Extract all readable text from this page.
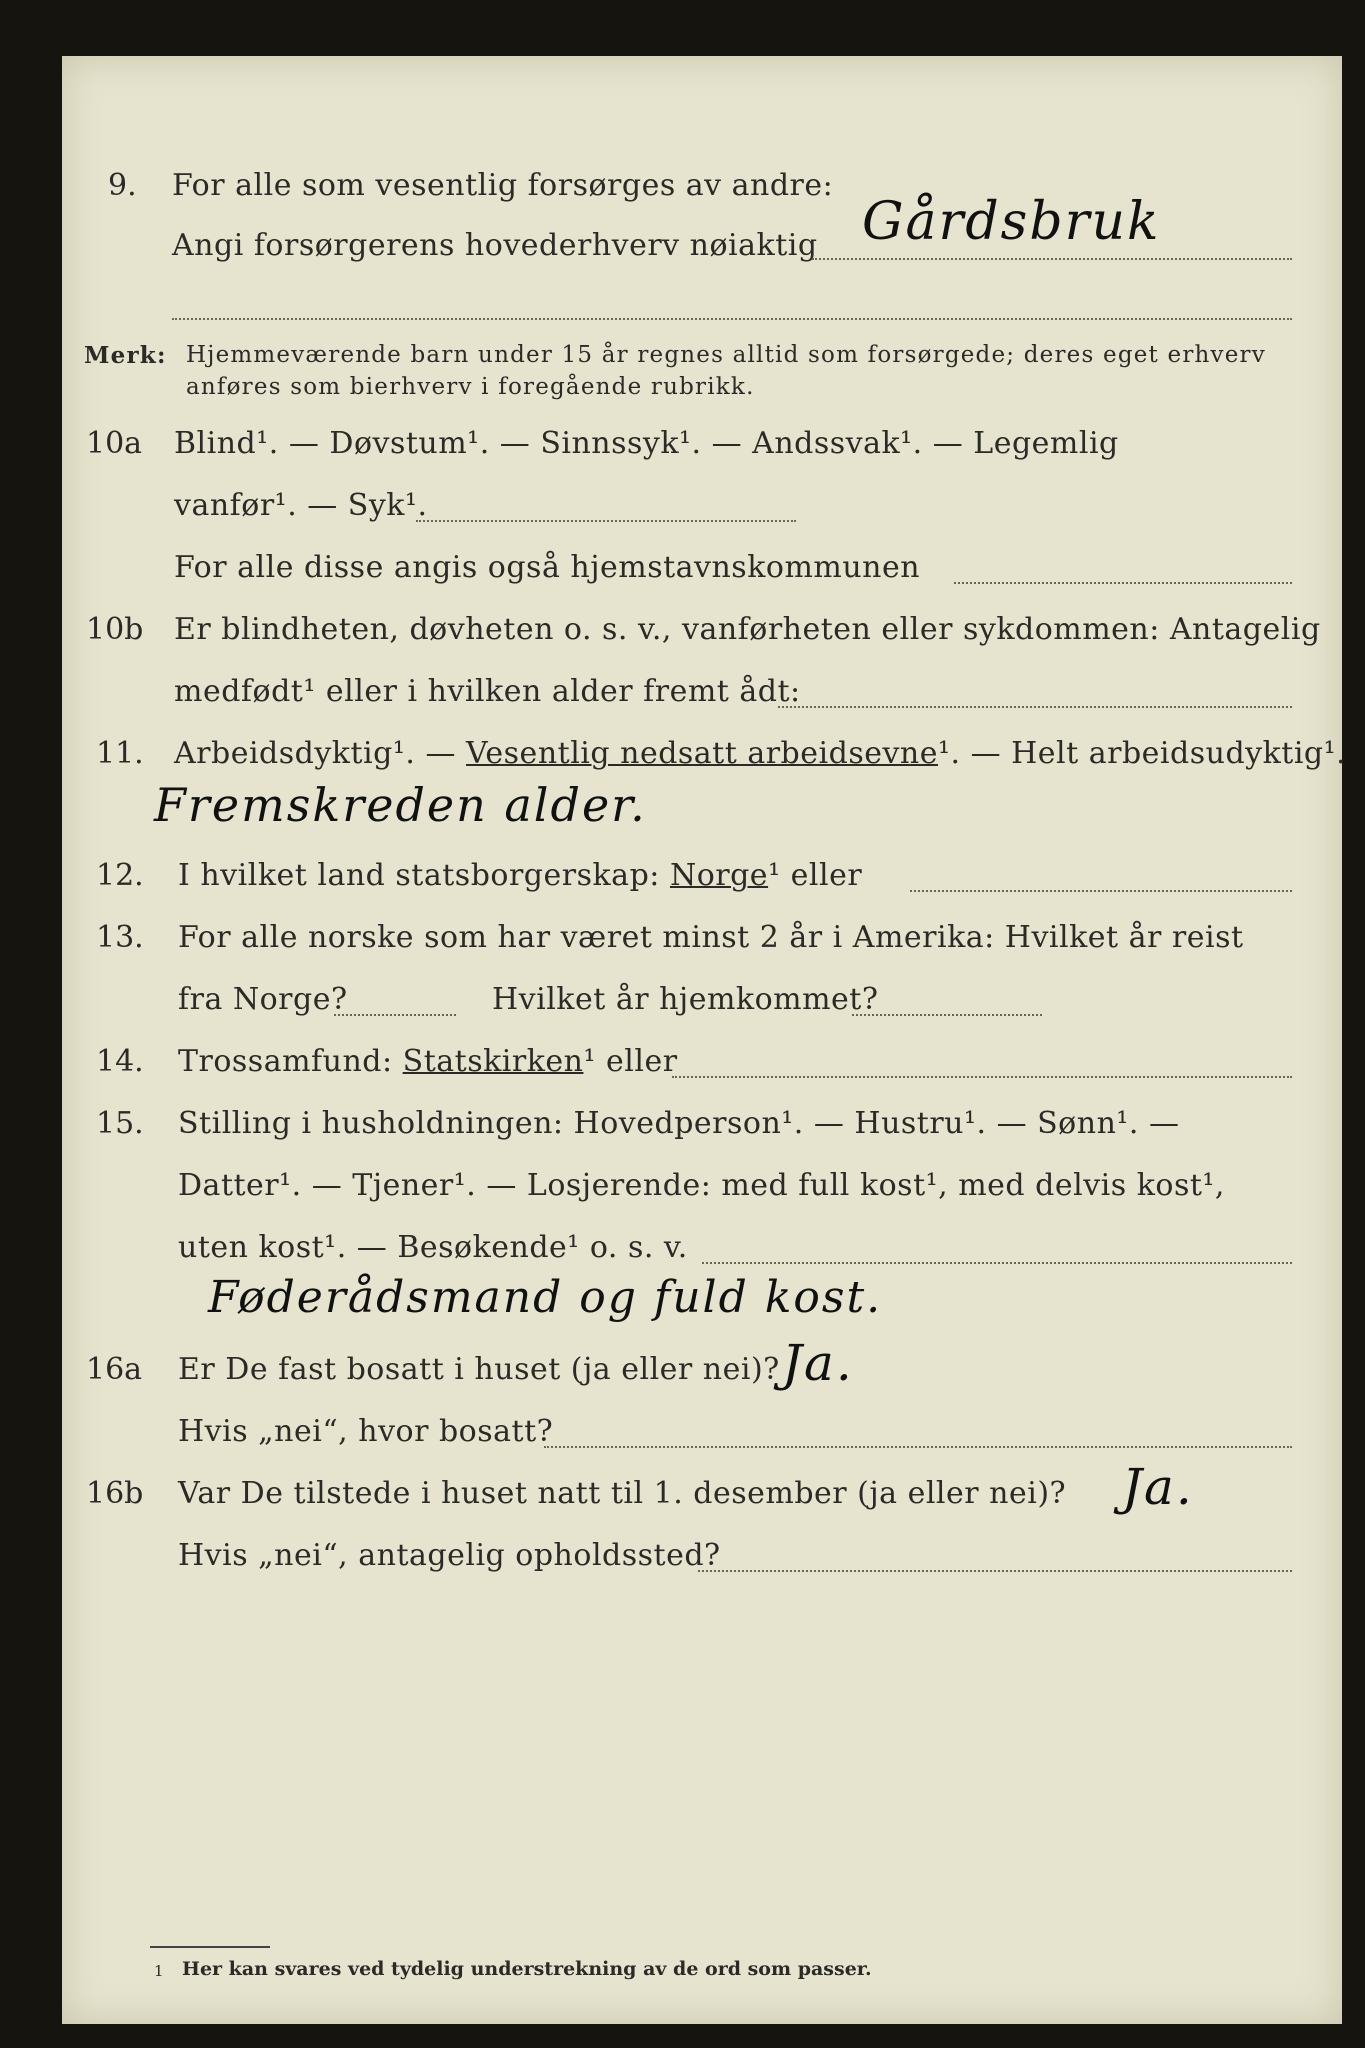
9. For alle som vesentlig forsørges av andre:
Angi forsørgerens hovederhverv nøiaktig Gårdsbruk
Merk: Hjemmeværende barn under 15 år regnes alltid som forsørgede; deres eget erhverv
anføres som bierhverv i foregående rubrikk.
10a Blind¹. — Døvstum¹. — Sinnssyk¹. — Andssvak¹. — Legemlig
vanfør¹. — Syk¹.
For alle disse angis også hjemstavnskommunen
10b Er blindheten, døvheten o. s. v., vanførheten eller sykdommen: Antagelig
medfødt¹ eller i hvilken alder fremt ådt:
11. Arbeidsdyktig¹. — Vesentlig nedsatt arbeidsevne¹. — Helt arbeidsudyktig¹.
Fremskreden alder.
12. I hvilket land statsborgerskap: Norge¹ eller
13. For alle norske som har været minst 2 år i Amerika: Hvilket år reist
fra Norge?	Hvilket år hjemkommet?
14. Trossamfund: Statskirken¹ eller
15. Stilling i husholdningen: Hovedperson¹. — Hustru¹. — Sønn¹. —
Datter¹. — Tjener¹. — Losjerende: med full kost¹, med delvis kost¹,
uten kost¹. — Besøkende¹ o. s. v.
Føderådsmand og fuld kost.
16a Er De fast bosatt i huset (ja eller nei)? Ja.
Hvis „nei“, hvor bosatt?
16b Var De tilstede i huset natt til 1. desember (ja eller nei)? Ja.
Hvis „nei“, antagelig opholdssted?
1 Her kan svares ved tydelig understrekning av de ord som passer.
